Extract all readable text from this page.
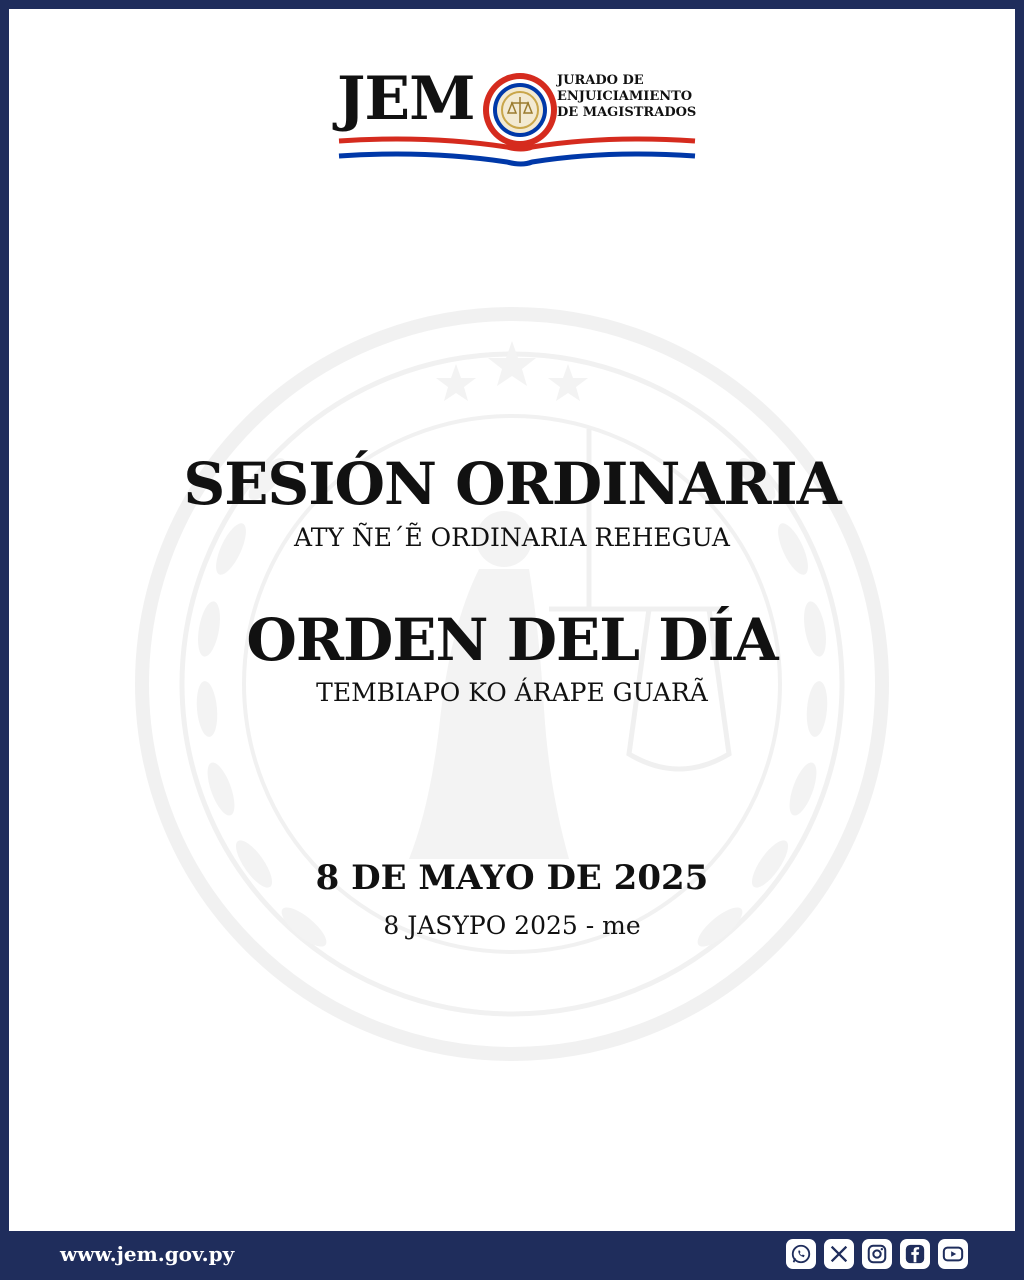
JEM	JURADO DE
ENJUICIAMIENTO
DE MAGISTRADOS
SESIÓN ORDINARIA
ATY ÑE´Ẽ ORDINARIA REHEGUA
ORDEN DEL DÍA
TEMBIAPO KO ÁRAPE GUARÃ
8 DE MAYO DE 2025
8 JASYPO 2025 - me
www.jem.gov.py
